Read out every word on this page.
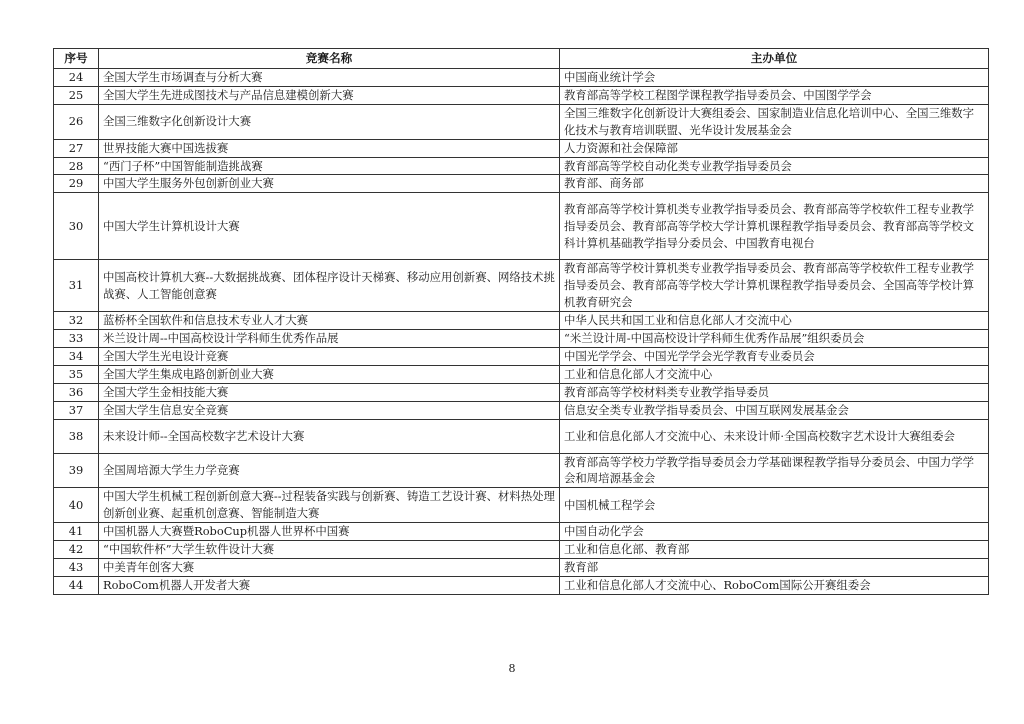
序号	竞赛名称	主办单位
24	全国大学生市场调查与分析大赛	中国商业统计学会
25	全国大学生先进成图技术与产品信息建模创新大赛	教育部高等学校工程图学课程教学指导委员会、中国图学学会
26	全国三维数字化创新设计大赛	全国三维数字化创新设计大赛组委会、国家制造业信息化培训中心、全国三维数字化技术与教育培训联盟、光华设计发展基金会
27	世界技能大赛中国选拔赛	人力资源和社会保障部
28	“西门子杯”中国智能制造挑战赛	教育部高等学校自动化类专业教学指导委员会
29	中国大学生服务外包创新创业大赛	教育部、商务部
30	中国大学生计算机设计大赛	教育部高等学校计算机类专业教学指导委员会、教育部高等学校软件工程专业教学指导委员会、教育部高等学校大学计算机课程教学指导委员会、教育部高等学校文科计算机基础教学指导分委员会、中国教育电视台
31	中国高校计算机大赛--大数据挑战赛、团体程序设计天梯赛、移动应用创新赛、网络技术挑战赛、人工智能创意赛	教育部高等学校计算机类专业教学指导委员会、教育部高等学校软件工程专业教学指导委员会、教育部高等学校大学计算机课程教学指导委员会、全国高等学校计算机教育研究会
32	蓝桥杯全国软件和信息技术专业人才大赛	中华人民共和国工业和信息化部人才交流中心
33	米兰设计周--中国高校设计学科师生优秀作品展	“米兰设计周-中国高校设计学科师生优秀作品展”组织委员会
34	全国大学生光电设计竞赛	中国光学学会、中国光学学会光学教育专业委员会
35	全国大学生集成电路创新创业大赛	工业和信息化部人才交流中心
36	全国大学生金相技能大赛	教育部高等学校材料类专业教学指导委员
37	全国大学生信息安全竞赛	信息安全类专业教学指导委员会、中国互联网发展基金会
38	未来设计师--全国高校数字艺术设计大赛	工业和信息化部人才交流中心、未来设计师·全国高校数字艺术设计大赛组委会
39	全国周培源大学生力学竞赛	教育部高等学校力学教学指导委员会力学基础课程教学指导分委员会、中国力学学会和周培源基金会
40	中国大学生机械工程创新创意大赛--过程装备实践与创新赛、铸造工艺设计赛、材料热处理创新创业赛、起重机创意赛、智能制造大赛	中国机械工程学会
41	中国机器人大赛暨RoboCup机器人世界杯中国赛	中国自动化学会
42	“中国软件杯”大学生软件设计大赛	工业和信息化部、教育部
43	中美青年创客大赛	教育部
44	RoboCom机器人开发者大赛	工业和信息化部人才交流中心、RoboCom国际公开赛组委会
8
